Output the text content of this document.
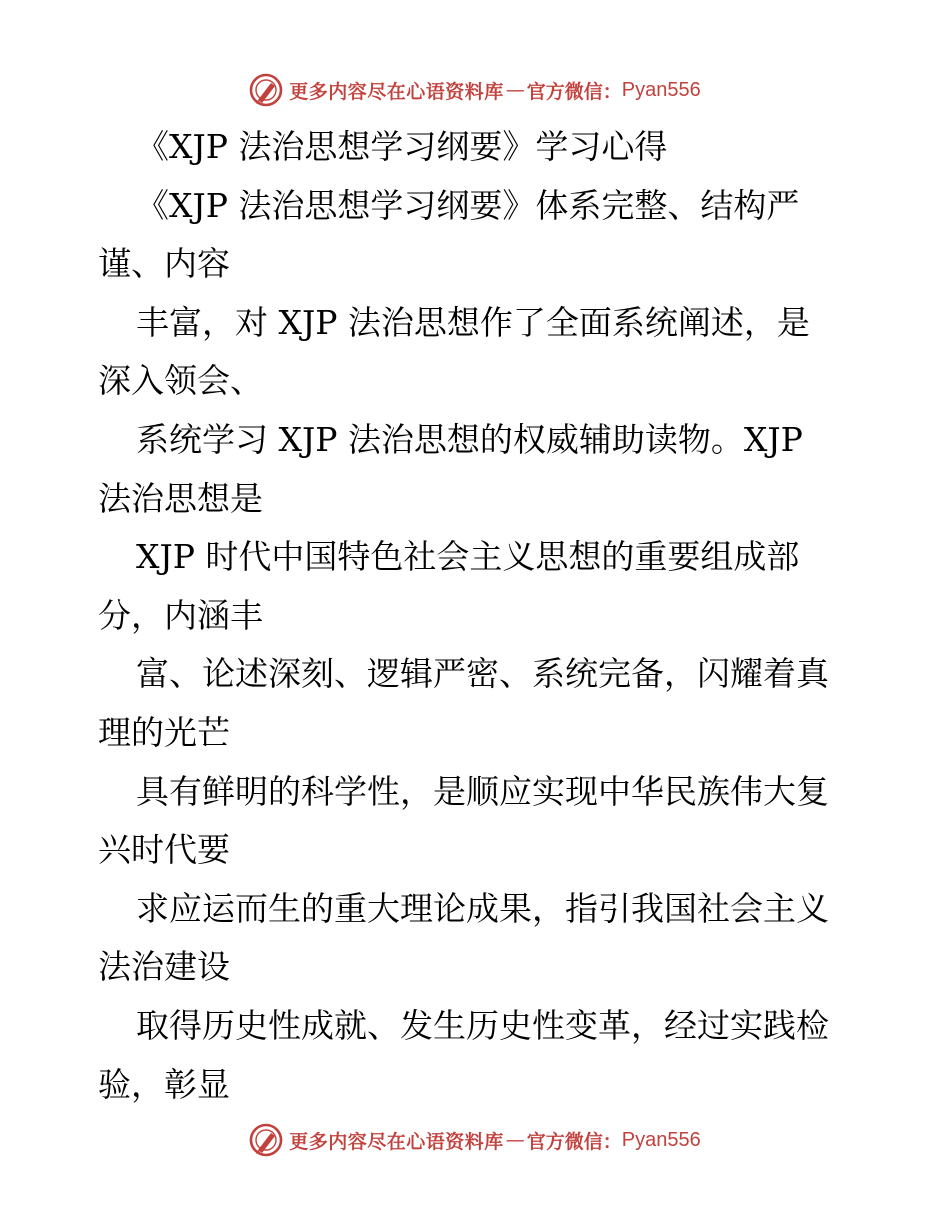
更多内容尽在心语资料库 — 官方微信： Pyan556
《XJP 法治思想学习纲要》学习心得
《XJP 法治思想学习纲要》体系完整、结构严
谨、内容
丰富，对 XJP 法治思想作了全面系统阐述，是
深入领会、
系统学习 XJP 法治思想的权威辅助读物。XJP
法治思想是
XJP 时代中国特色社会主义思想的重要组成部
分，内涵丰
富、论述深刻、逻辑严密、系统完备，闪耀着真
理的光芒
具有鲜明的科学性，是顺应实现中华民族伟大复
兴时代要
求应运而生的重大理论成果，指引我国社会主义
法治建设
取得历史性成就、发生历史性变革，经过实践检
验，彰显
更多内容尽在心语资料库 — 官方微信： Pyan556
